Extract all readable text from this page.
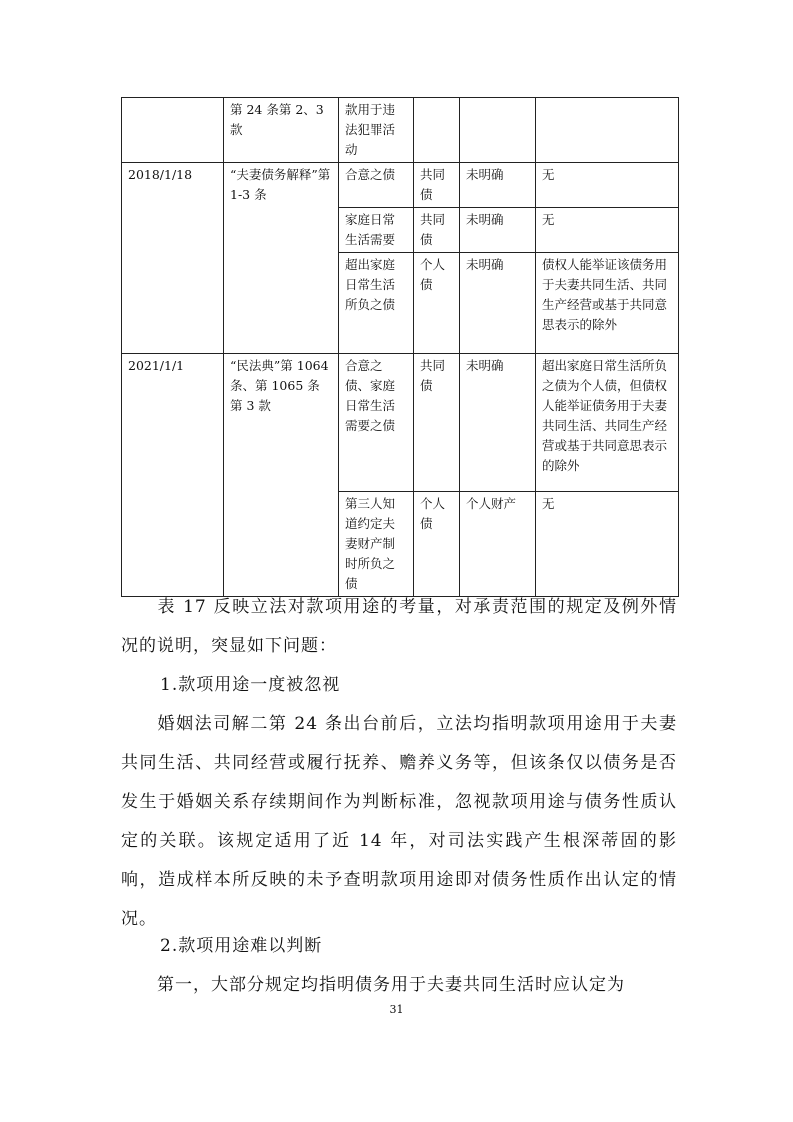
	第 24 条第 2、3 款	款用于违法犯罪活动			
2018/1/18	“夫妻债务解释”第 1-3 条	合意之债	共同债	未明确	无
		家庭日常生活需要	共同债	未明确	无
		超出家庭日常生活所负之债	个人债	未明确	债权人能举证该债务用于夫妻共同生活、共同生产经营或基于共同意思表示的除外
2021/1/1	“民法典”第 1064 条、第 1065 条第 3 款	合意之债、家庭日常生活需要之债	共同债	未明确	超出家庭日常生活所负之债为个人债，但债权人能举证债务用于夫妻共同生活、共同生产经营或基于共同意思表示的除外
		第三人知道约定夫妻财产制时所负之债	个人债	个人财产	无

表 17 反映立法对款项用途的考量，对承责范围的规定及例外情况的说明，突显如下问题：

1.款项用途一度被忽视

婚姻法司解二第 24 条出台前后，立法均指明款项用途用于夫妻共同生活、共同经营或履行抚养、赡养义务等，但该条仅以债务是否发生于婚姻关系存续期间作为判断标准，忽视款项用途与债务性质认定的关联。该规定适用了近 14 年，对司法实践产生根深蒂固的影响，造成样本所反映的未予查明款项用途即对债务性质作出认定的情况。

2.款项用途难以判断

第一，大部分规定均指明债务用于夫妻共同生活时应认定为

31
